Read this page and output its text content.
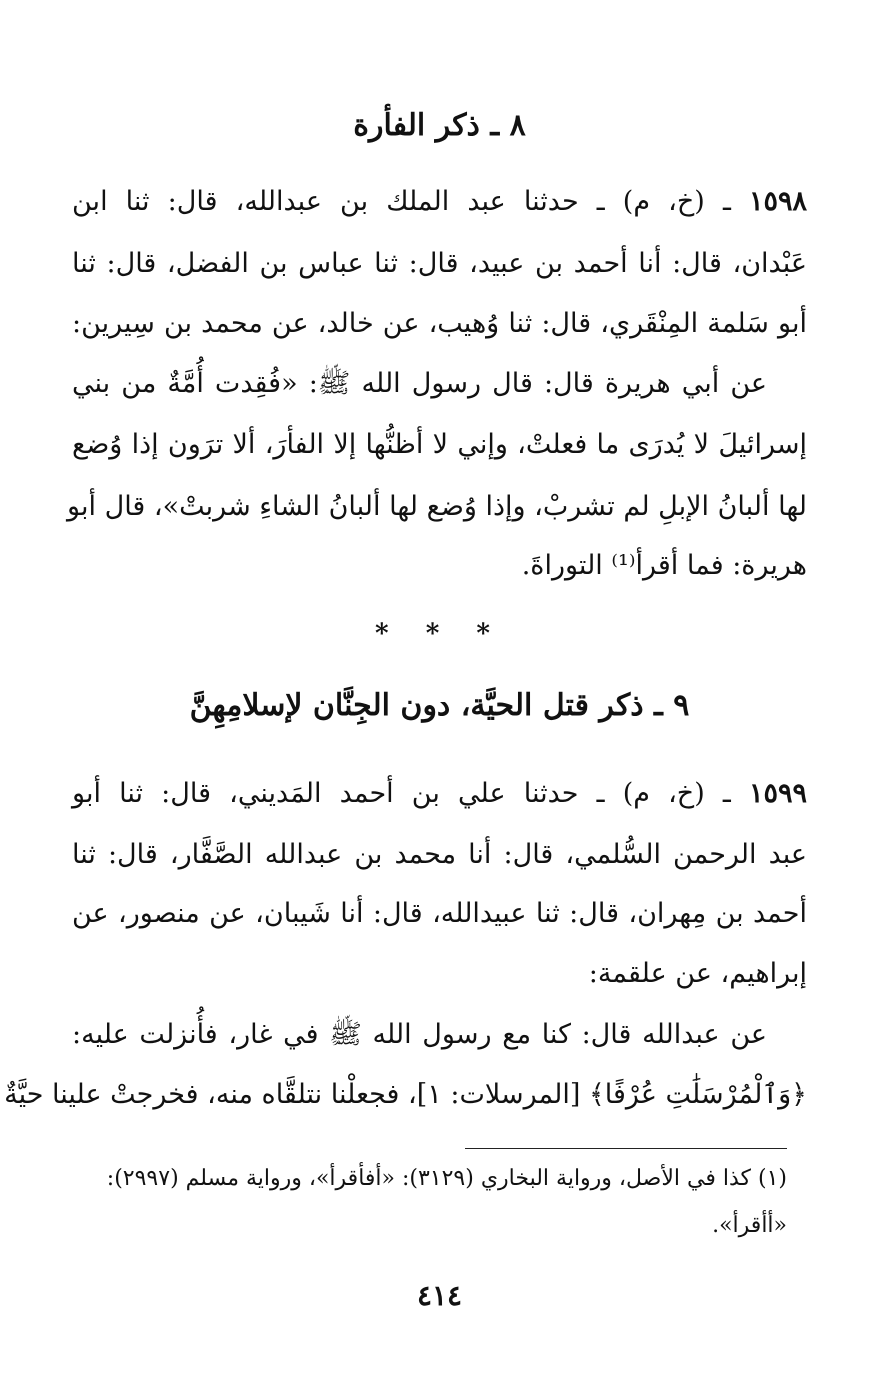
٨ ـ ذكر الفأرة
١٥٩٨ ـ (خ، م) ـ حدثنا عبد الملك بن عبدالله، قال: ثنا ابن
عَبْدان، قال: أنا أحمد بن عبيد، قال: ثنا عباس بن الفضل، قال: ثنا
أبو سَلمة المِنْقَري، قال: ثنا وُهيب، عن خالد، عن محمد بن سِيرين:
عن أبي هريرة قال: قال رسول الله ﷺ: «فُقِدت أُمَّةٌ من بني
إسرائيلَ لا يُدرَى ما فعلتْ، وإني لا أظنُّها إلا الفأرَ، ألا ترَون إذا وُضع
لها ألبانُ الإبلِ لم تشربْ، وإذا وُضع لها ألبانُ الشاءِ شربتْ»، قال أبو
هريرة: فما أقرأ⁽¹⁾ التوراةَ.
* * *
٩ ـ ذكر قتل الحيَّة، دون الجِنَّان لإسلامِهِنَّ
١٥٩٩ ـ (خ، م) ـ حدثنا علي بن أحمد المَديني، قال: ثنا أبو
عبد الرحمن السُّلمي، قال: أنا محمد بن عبدالله الصَّفَّار، قال: ثنا
أحمد بن مِهران، قال: ثنا عبيدالله، قال: أنا شَيبان، عن منصور، عن
إبراهيم، عن علقمة:
عن عبدالله قال: كنا مع رسول الله ﷺ في غار، فأُنزلت عليه:
﴿وَٱلْمُرْسَلَٰتِ عُرْفًا﴾ [المرسلات: ١]، فجعلْنا نتلقَّاه منه، فخرجتْ علينا حيَّةٌ
(١) كذا في الأصل، ورواية البخاري (٣١٢٩): «أفأقرأ»، ورواية مسلم (٢٩٩٧):
«أأقرأ».
٤١٤
